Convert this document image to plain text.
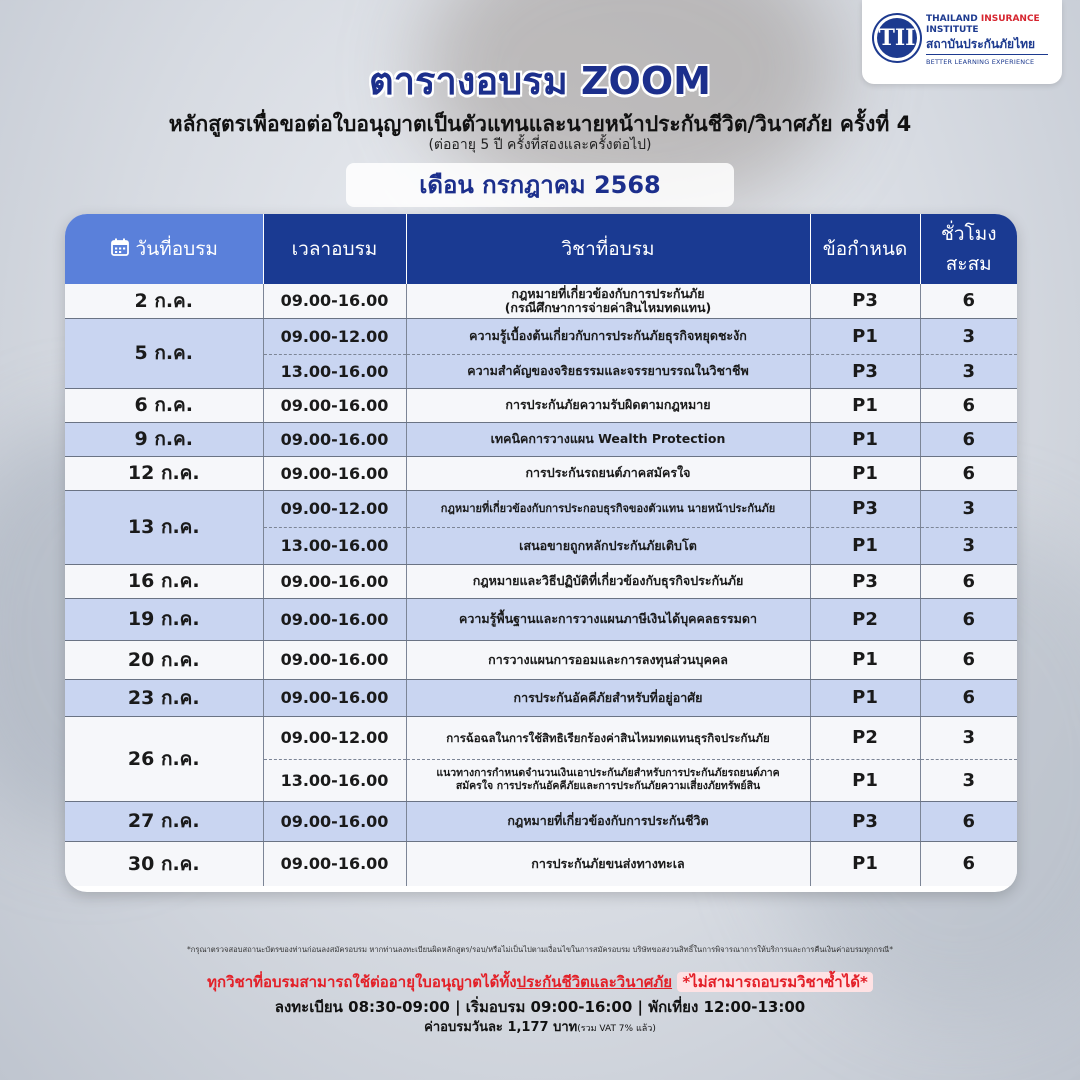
TII
THAILAND INSURANCE
INSTITUTE
สถาบันประกันภัยไทย
BETTER LEARNING EXPERIENCE
ตารางอบรม ZOOM
หลักสูตรเพื่อขอต่อใบอนุญาตเป็นตัวแทนและนายหน้าประกันชีวิต/วินาศภัย ครั้งที่ 4
(ต่ออายุ 5 ปี ครั้งที่สองและครั้งต่อไป)
เดือน กรกฎาคม 2568
วันที่อบรม	เวลาอบรม	วิชาที่อบรม	ข้อกำหนด	ชั่วโมง
สะสม
2 ก.ค.	09.00-16.00	กฎหมายที่เกี่ยวข้องกับการประกันภัย
(กรณีศึกษาการจ่ายค่าสินไหมทดแทน)	P3	6
5 ก.ค.	09.00-12.00	ความรู้เบื้องต้นเกี่ยวกับการประกันภัยธุรกิจหยุดชะงัก	P1	3
	13.00-16.00	ความสำคัญของจริยธรรมและจรรยาบรรณในวิชาชีพ	P3	3
6 ก.ค.	09.00-16.00	การประกันภัยความรับผิดตามกฎหมาย	P1	6
9 ก.ค.	09.00-16.00	เทคนิคการวางแผน Wealth Protection	P1	6
12 ก.ค.	09.00-16.00	การประกันรถยนต์ภาคสมัครใจ	P1	6
13 ก.ค.	09.00-12.00	กฎหมายที่เกี่ยวข้องกับการประกอบธุรกิจของตัวแทน นายหน้าประกันภัย	P3	3
	13.00-16.00	เสนอขายถูกหลักประกันภัยเติบโต	P1	3
16 ก.ค.	09.00-16.00	กฎหมายและวิธีปฏิบัติที่เกี่ยวข้องกับธุรกิจประกันภัย	P3	6
19 ก.ค.	09.00-16.00	ความรู้พื้นฐานและการวางแผนภาษีเงินได้บุคคลธรรมดา	P2	6
20 ก.ค.	09.00-16.00	การวางแผนการออมและการลงทุนส่วนบุคคล	P1	6
23 ก.ค.	09.00-16.00	การประกันอัคคีภัยสำหรับที่อยู่อาศัย	P1	6
26 ก.ค.	09.00-12.00	การฉ้อฉลในการใช้สิทธิเรียกร้องค่าสินไหมทดแทนธุรกิจประกันภัย	P2	3
	13.00-16.00	แนวทางการกำหนดจำนวนเงินเอาประกันภัยสำหรับการประกันภัยรถยนต์ภาค
สมัครใจ การประกันอัคคีภัยและการประกันภัยความเสี่ยงภัยทรัพย์สิน	P1	3
27 ก.ค.	09.00-16.00	กฎหมายที่เกี่ยวข้องกับการประกันชีวิต	P3	6
30 ก.ค.	09.00-16.00	การประกันภัยขนส่งทางทะเล	P1	6
*กรุณาตรวจสอบสถานะบัตรของท่านก่อนลงสมัครอบรม หากท่านลงทะเบียนผิดหลักสูตร/รอบ/หรือไม่เป็นไปตามเงื่อนไขในการสมัครอบรม บริษัทขอสงวนสิทธิ์ในการพิจารณาการให้บริการและการคืนเงินค่าอบรมทุกกรณี*
ทุกวิชาที่อบรมสามารถใช้ต่ออายุใบอนุญาตได้ทั้งประกันชีวิตและวินาศภัย *ไม่สามารถอบรมวิชาซ้ำได้*
ลงทะเบียน 08:30-09:00 | เริ่มอบรม 09:00-16:00 | พักเที่ยง 12:00-13:00
ค่าอบรมวันละ 1,177 บาท(รวม VAT 7% แล้ว)
